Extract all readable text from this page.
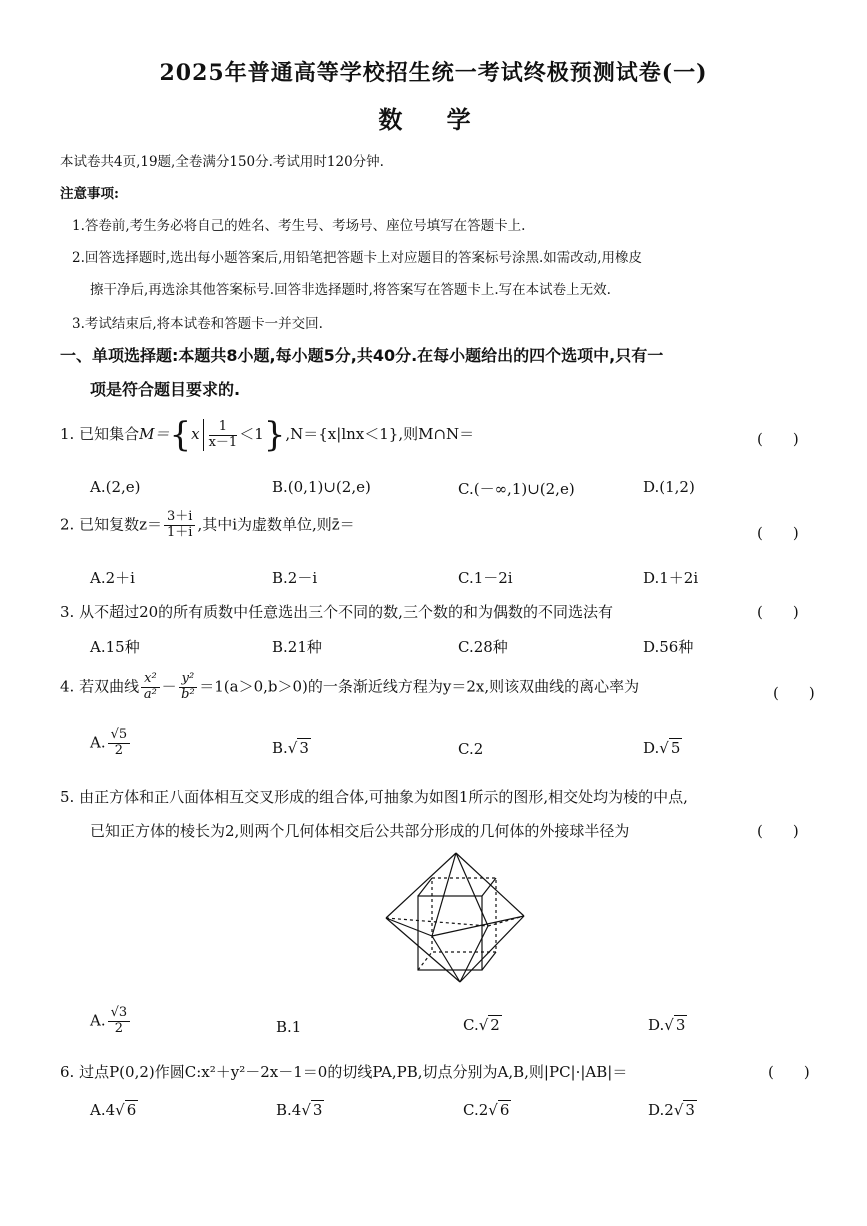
2025年普通高等学校招生统一考试终极预测试卷(一)
数 学
本试卷共4页,19题,全卷满分150分.考试用时120分钟.
注意事项:
1.答卷前,考生务必将自己的姓名、考生号、考场号、座位号填写在答题卡上.
2.回答选择题时,选出每小题答案后,用铅笔把答题卡上对应题目的答案标号涂黑.如需改动,用橡皮
擦干净后,再选涂其他答案标号.回答非选择题时,将答案写在答题卡上.写在本试卷上无效.
3.考试结束后,将本试卷和答题卡一并交回.
一、单项选择题:本题共8小题,每小题5分,共40分.在每小题给出的四个选项中,只有一
项是符合题目要求的.
1. 已知集合$M=\{x \frac{1}{x-1} <1\},N=\{x|\ln x<1\}$,则M∩N＝	(　　)
A.(2,e)	B.(0,1)∪(2,e)	C.(－∞,1)∪(2,e)	D.(1,2)
2. 已知复数$z= \frac{3+i}{1+i}$ ,其中i为虚数单位,则z̄＝	(　　)
A.2＋i	B.2－i	C.1－2i	D.1＋2i
3. 从不超过20的所有质数中任意选出三个不同的数,三个数的和为偶数的不同选法有	(　　)
A.15种	B.21种	C.28种	D.56种
4. 若双曲线 $\frac{\text{x²}}{\text{a²}} - \frac{\text{y²}}{\text{b²}} =1(a>0,b>0)$的一条渐近线方程为y＝2x,则该双曲线的离心率为	(　　)
A. $\frac{√5}{2}$	B.√ 3	C.2	D.√ 5
5. 由正方体和正八面体相互交叉形成的组合体,可抽象为如图1所示的图形,相交处均为棱的中点,
已知正方体的棱长为2,则两个几何体相交后公共部分形成的几何体的外接球半径为	(　　)
A. $\frac{√3}{2}$	B.1	C.√ 2	D.√ 3
6. 过点P(0,2)作圆C:x²＋y²－2x－1＝0的切线PA,PB,切点分别为A,B,则|PC|·|AB|＝	(　　)
A.4√ 6	B.4√ 3	C.2√ 6	D.2√ 3
